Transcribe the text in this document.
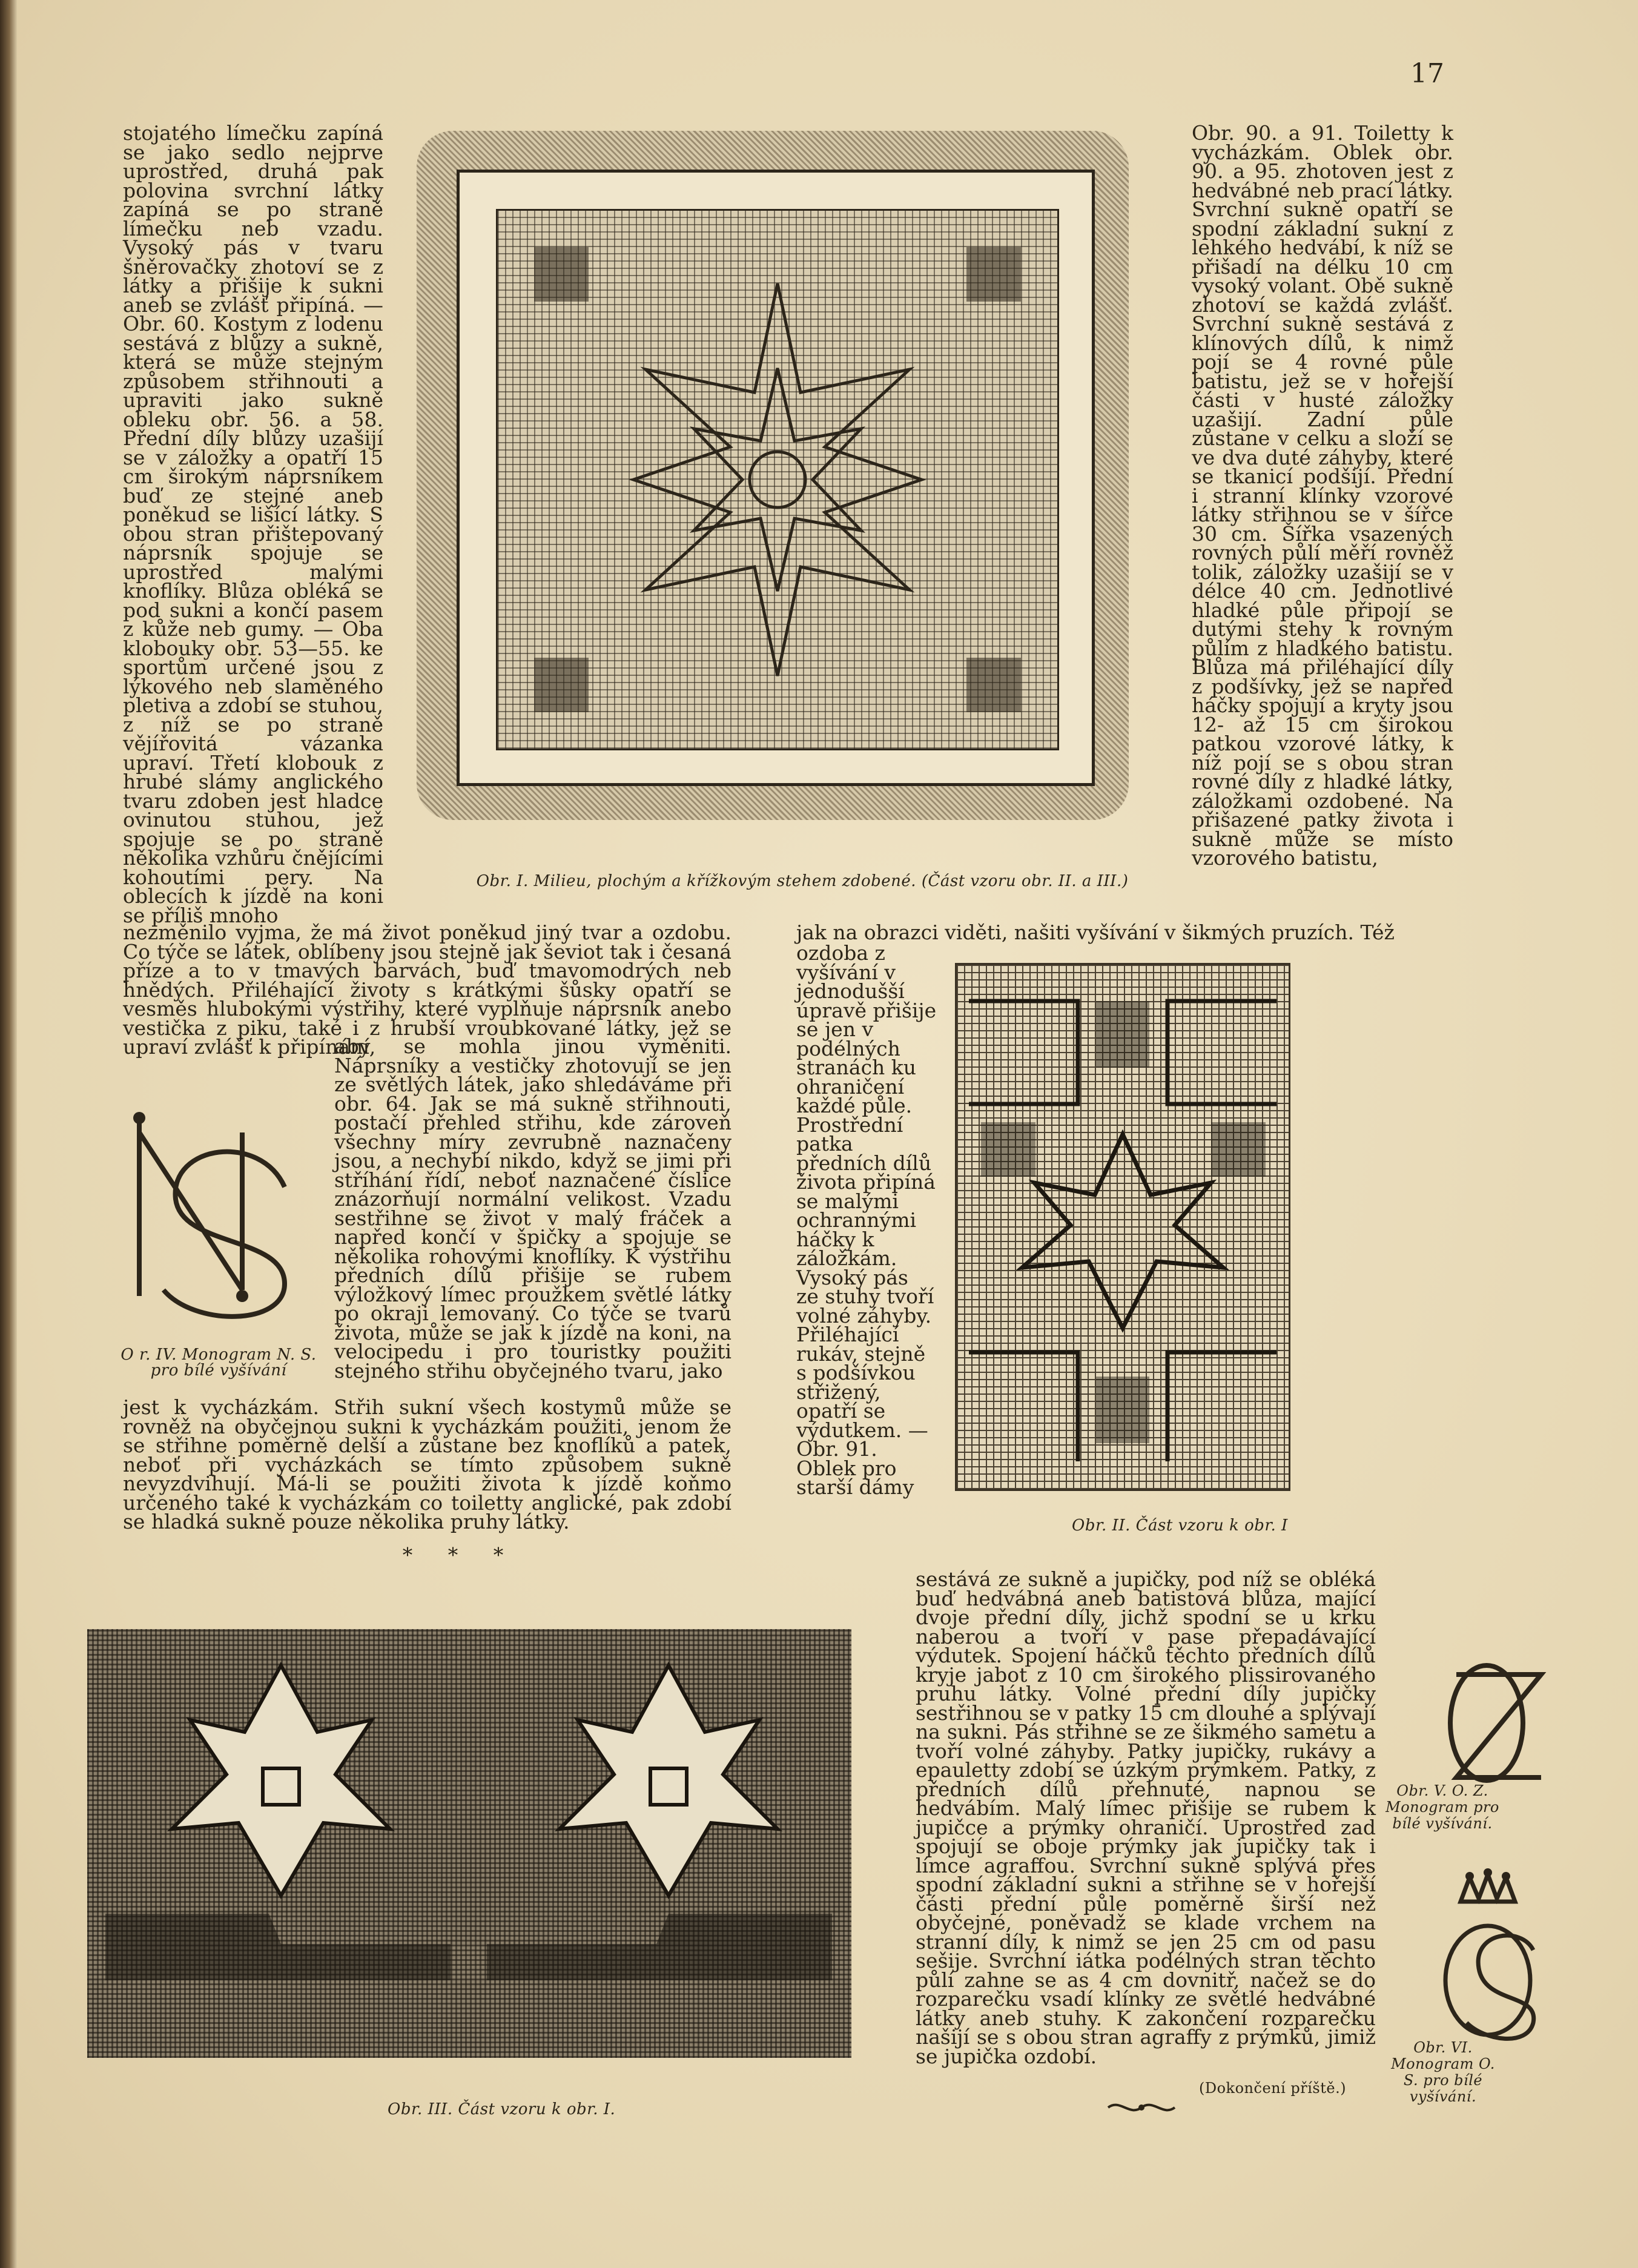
17

stojatého límečku zapíná se jako sedlo nejprve uprostřed, druhá pak polovina svrchní látky zapíná se po straně límečku neb vzadu. Vysoký pás v tvaru šněrovačky zhotoví se z látky a přišije k sukni aneb se zvlášť připíná. — Obr. 60. Kostym z lodenu sestává z blůzy a sukně, která se může stejným způsobem střihnouti a upraviti jako sukně obleku obr. 56. a 58. Přední díly blůzy uzašijí se v záložky a opatří 15 cm širokým náprsníkem buď ze stejné aneb poněkud se lišící látky. S obou stran přištepovaný náprsník spojuje se uprostřed malými knoflíky. Blůza obléká se pod sukni a končí pasem z kůže neb gumy. — Oba klobouky obr. 53—55. ke sportům určené jsou z lýkového neb slaměného pletiva a zdobí se stuhou, z níž se po straně vějířovitá vázanka upraví. Třetí klobouk z hrubé slámy anglického tvaru zdoben jest hladce ovinutou stuhou, jež spojuje se po straně několika vzhůru čnějícími kohoutími pery. Na oblecích k jízdě na koni se příliš mnoho

Obr. I. Milieu, plochým a křížkovým stehem zdobené. (Část vzoru obr. II. a III.)

Obr. 90. a 91. Toiletty k vycházkám. Oblek obr. 90. a 95. zhotoven jest z hedvábné neb prací látky. Svrchní sukně opatří se spodní základní sukní z lehkého hedvábí, k níž se přišadí na délku 10 cm vysoký volant. Obě sukně zhotoví se každá zvlášť. Svrchní sukně sestává z klínových dílů, k nimž pojí se 4 rovné půle batistu, jež se v hořejší části v husté záložky uzašijí. Zadní půle zůstane v celku a složí se ve dva duté záhyby, které se tkanicí podšijí. Přední i stranní klínky vzorové látky střihnou se v šířce 30 cm. Šířka vsazených rovných půlí měří rovněž tolik, záložky uzašijí se v délce 40 cm. Jednotlivé hladké půle připojí se dutými stehy k rovným půlím z hladkého batistu. Blůza má přiléhající díly z podšívky, jež se napřed háčky spojují a kryty jsou 12- až 15 cm širokou patkou vzorové látky, k níž pojí se s obou stran rovné díly z hladké látky, záložkami ozdobené. Na přišazené patky života i sukně může se místo vzorového batistu,

nezměnilo vyjma, že má život poněkud jiný tvar a ozdobu. Co týče se látek, oblíbeny jsou stejně jak ševiot tak i česaná příze a to v tmavých barvách, buď tmavomodrých neb hnědých. Přiléhající životy s krátkými šůsky opatří se vesměs hlubokými výstřihy, které vyplňuje náprsník anebo vestička z piku, také i z hrubší vroubkované látky, jež se upraví zvlášť k připínání,

jak na obrazci viděti, našiti vyšívání v šikmých pruzích. Též

O r. IV. Monogram N. S. pro bílé vyšívání

aby se mohla jinou vyměniti. Náprsníky a vestičky zhotovují se jen ze světlých látek, jako shledáváme při obr. 64. Jak se má sukně střihnouti, postačí přehled střihu, kde zároveň všechny míry zevrubně naznačeny jsou, a nechybí nikdo, když se jimi při stříhání řídí, neboť naznačené číslice znázorňují normální velikost. Vzadu sestřihne se život v malý fráček a napřed končí v špičky a spojuje se několika rohovými knoflíky. K výstřihu předních dílů přišije se rubem výložkový límec proužkem světlé látky po okraji lemovaný. Co týče se tvarů života, může se jak k jízdě na koni, na velocipedu i pro touristky použiti stejného střihu obyčejného tvaru, jako

jest k vycházkám. Střih sukní všech kostymů může se rovněž na obyčejnou sukni k vycházkám použiti, jenom že se střihne poměrně delší a zůstane bez knoflíků a patek, neboť při vycházkách se tímto způsobem sukně nevyzdvihují. Má-li se použiti života k jízdě koňmo určeného také k vycházkám co toiletty anglické, pak zdobí se hladká sukně pouze několika pruhy látky.

* * *

ozdoba z vyšívání v jednodušší úpravě přišije se jen v podélných stranách ku ohraničení každé půle. Prostřední patka předních dílů života připíná se malými ochrannými háčky k záložkám. Vysoký pás ze stuhy tvoří volné záhyby. Přiléhající rukáv, stejně s podšívkou střižený, opatří se výdutkem. — Obr. 91. Oblek pro starší dámy

Obr. II. Část vzoru k obr. I

sestává ze sukně a jupičky, pod níž se obléká buď hedvábná aneb batistová blůza, mající dvoje přední díly, jichž spodní se u krku naberou a tvoří v pase přepadávající výdutek. Spojení háčků těchto předních dílů kryje jabot z 10 cm širokého plissirovaného pruhu látky. Volné přední díly jupičky sestřihnou se v patky 15 cm dlouhé a splývají na sukni. Pás střihne se ze šikmého sametu a tvoří volné záhyby. Patky jupičky, rukávy a epauletty zdobí se úzkým prýmkem. Patky, z předních dílů přehnuté, napnou se hedvábím. Malý límec přišije se rubem k jupičce a prýmky ohraničí. Uprostřed zad spojují se oboje prýmky jak jupičky tak i límce agraffou. Svrchní sukně splývá přes spodní základní sukni a střihne se v hořejší části přední půle poměrně širší než obyčejné, poněvadž se klade vrchem na stranní díly, k nimž se jen 25 cm od pasu sešije. Svrchní iátka podélných stran těchto půlí zahne se as 4 cm dovnitř, načež se do rozparečku vsadí klínky ze světlé hedvábné látky aneb stuhy. K zakončení rozparečku našijí se s obou stran agraffy z prýmků, jimiž se jupička ozdobí.

(Dokončení příště.)

Obr. V. O. Z. Monogram pro bílé vyšívání.

Obr. VI. Monogram O. S. pro bílé vyšívání.

Obr. III. Část vzoru k obr. I.
